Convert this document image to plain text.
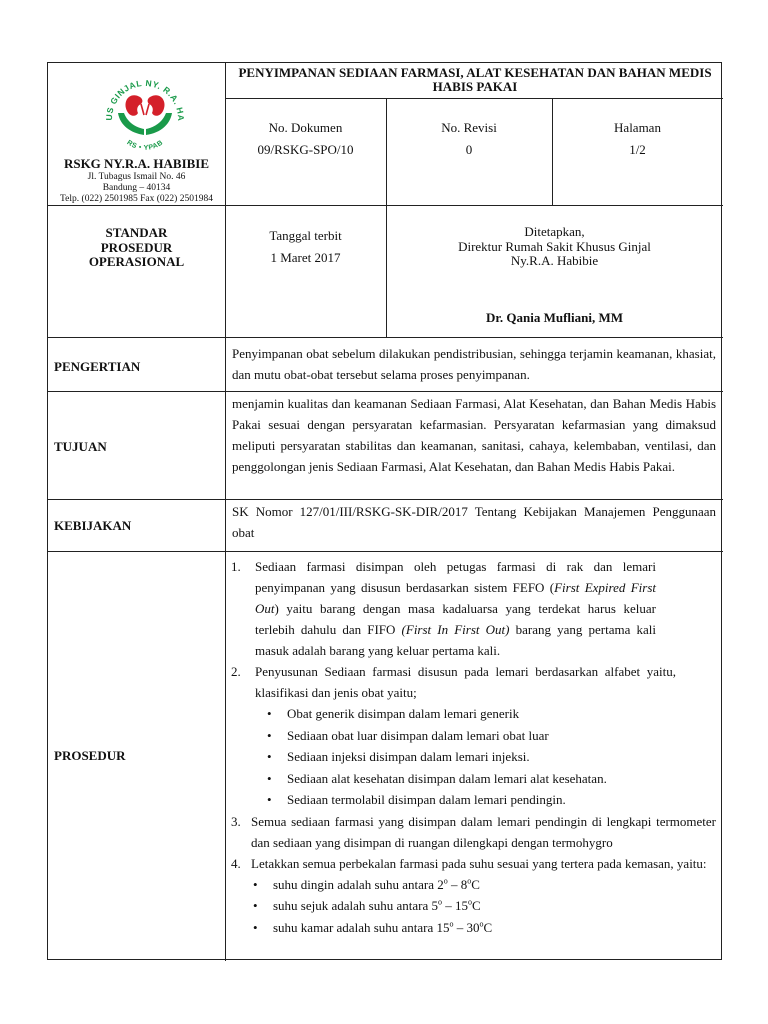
US GINJAL NY. R.A. HA
RS • YPAB
RSKG NY.R.A. HABIBIE
Jl. Tubagus Ismail No. 46
Bandung – 40134
Telp. (022) 2501985 Fax (022) 2501984
PENYIMPANAN SEDIAAN FARMASI, ALAT KESEHATAN DAN BAHAN MEDIS HABIS PAKAI
No. Dokumen
09/RSKG-SPO/10
No. Revisi
0
Halaman
1/2
STANDAR
PROSEDUR
OPERASIONAL
Tanggal terbit
1 Maret 2017
Ditetapkan,
Direktur Rumah Sakit Khusus Ginjal
Ny.R.A. Habibie
Dr. Qania Mufliani, MM
PENGERTIAN
Penyimpanan obat sebelum dilakukan pendistribusian, sehingga terjamin keamanan, khasiat, dan mutu obat-obat tersebut selama proses penyimpanan.
TUJUAN
menjamin kualitas dan keamanan Sediaan Farmasi, Alat Kesehatan, dan Bahan Medis Habis Pakai sesuai dengan persyaratan kefarmasian. Persyaratan kefarmasian yang dimaksud meliputi persyaratan stabilitas dan keamanan, sanitasi, cahaya, kelembaban, ventilasi, dan penggolongan jenis Sediaan Farmasi, Alat Kesehatan, dan Bahan Medis Habis Pakai.
KEBIJAKAN
SK Nomor 127/01/III/RSKG-SK-DIR/2017 Tentang Kebijakan Manajemen Penggunaan obat
PROSEDUR
1. Sediaan farmasi disimpan oleh petugas farmasi di rak dan lemari penyimpanan yang disusun berdasarkan sistem FEFO (First Expired First Out) yaitu barang dengan masa kadaluarsa yang terdekat harus keluar terlebih dahulu dan FIFO (First In First Out) barang yang pertama kali masuk adalah barang yang keluar pertama kali.
2. Penyusunan Sediaan farmasi disusun pada lemari berdasarkan alfabet yaitu, klasifikasi dan jenis obat yaitu;
• Obat generik disimpan dalam lemari generik
• Sediaan obat luar disimpan dalam lemari obat luar
• Sediaan injeksi disimpan dalam lemari injeksi.
• Sediaan alat kesehatan disimpan dalam lemari alat kesehatan.
• Sediaan termolabil disimpan dalam lemari pendingin.
3. Semua sediaan farmasi yang disimpan dalam lemari pendingin di lengkapi termometer dan sediaan yang disimpan di ruangan dilengkapi dengan termohygro
4. Letakkan semua perbekalan farmasi pada suhu sesuai yang tertera pada kemasan, yaitu:
• suhu dingin adalah suhu antara 2$^o$ – 8$^o$C
• suhu sejuk adalah suhu antara 5$^o$ – 15$^o$C
• suhu kamar adalah suhu antara 15$^o$ – 30$^o$C
